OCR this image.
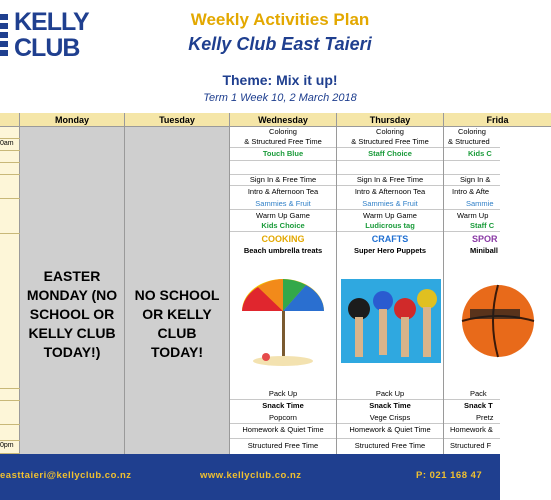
KELLY
CLUB
Weekly Activities Plan
Kelly Club East Taieri
Theme: Mix it up!
Term 1 Week 10, 2 March 2018
0am
0pm
Monday
EASTER MONDAY (NO SCHOOL OR KELLY CLUB TODAY!)
Tuesday
NO SCHOOL OR KELLY CLUB TODAY!
Wednesday
Coloring
& Structured Free Time
Touch Blue
Sign In & Free Time
Intro & Afternoon Tea
Sammies & Fruit
Warm Up Game
Kids Choice
COOKING
Beach umbrella treats
Pack Up
Snack Time
Popcorn
Homework & Quiet Time
Structured Free Time
Thursday
Coloring
& Structured Free Time
Staff Choice
Sign In & Free Time
Intro & Afternoon Tea
Sammies & Fruit
Warm Up Game
Ludicrous tag
CRAFTS
Super Hero Puppets
Pack Up
Snack Time
Vege Crisps
Homework & Quiet Time
Structured Free Time
Frida
Coloring
& Structured
Kids C
Sign In &
Intro & Afte
Sammie
Warm Up
Staff C
SPOR
Miniball
Pack
Snack T
Pretz
Homework &
Structured F
easttaieri@kellyclub.co.nz	www.kellyclub.co.nz	P: 021 168 47
